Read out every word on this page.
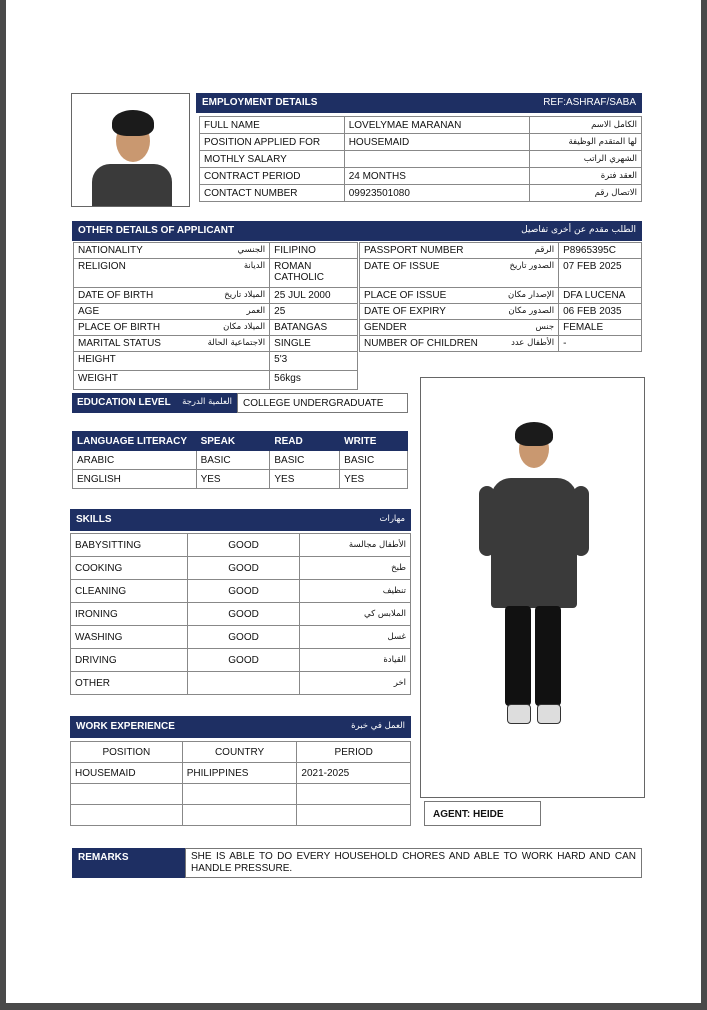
EMPLOYMENT DETAILS	REF:ASHRAF/SABA
FULL NAME	LOVELYMAE MARANAN	الكامل الاسم
POSITION APPLIED FOR	HOUSEMAID	لها المتقدم الوظيفة
MOTHLY SALARY		الشهري الراتب
CONTRACT PERIOD	24 MONTHS	العقد فترة
CONTACT NUMBER	09923501080	الاتصال رقم
OTHER DETAILS OF APPLICANT	الطلب مقدم عن أخرى تفاصيل
NATIONALITY الجنسي	FILIPINO
RELIGION الديانة	ROMAN CATHOLIC
DATE OF BIRTH الميلاد تاريخ	25 JUL 2000
AGE العمر	25
PLACE OF BIRTH الميلاد مكان	BATANGAS
MARITAL STATUS الاجتماعية الحالة	SINGLE
HEIGHT	5'3
WEIGHT	56kgs
PASSPORT NUMBER الرقم	P8965395C
DATE OF ISSUE الصدور تاريخ	07 FEB 2025
PLACE OF ISSUE الإصدار مكان	DFA LUCENA
DATE OF EXPIRY الصدور مكان	06 FEB 2035
GENDER جنس	FEMALE
NUMBER OF CHILDREN الأطفال عدد	-
EDUCATION LEVEL العلمية الدرجة	COLLEGE UNDERGRADUATE
LANGUAGE LITERACY	SPEAK	READ	WRITE
ARABIC	BASIC	BASIC	BASIC
ENGLISH	YES	YES	YES
SKILLS	مهارات
BABYSITTING	GOOD	الأطفال مجالسة
COOKING	GOOD	طبخ
CLEANING	GOOD	تنظيف
IRONING	GOOD	الملابس كي
WASHING	GOOD	غسل
DRIVING	GOOD	القيادة
OTHER		اخر
WORK EXPERIENCE	العمل في خبرة
POSITION	COUNTRY	PERIOD
HOUSEMAID	PHILIPPINES	2021-2025

AGENT: HEIDE
REMARKS	SHE IS ABLE TO DO EVERY HOUSEHOLD CHORES AND ABLE TO WORK HARD AND CAN HANDLE PRESSURE.
